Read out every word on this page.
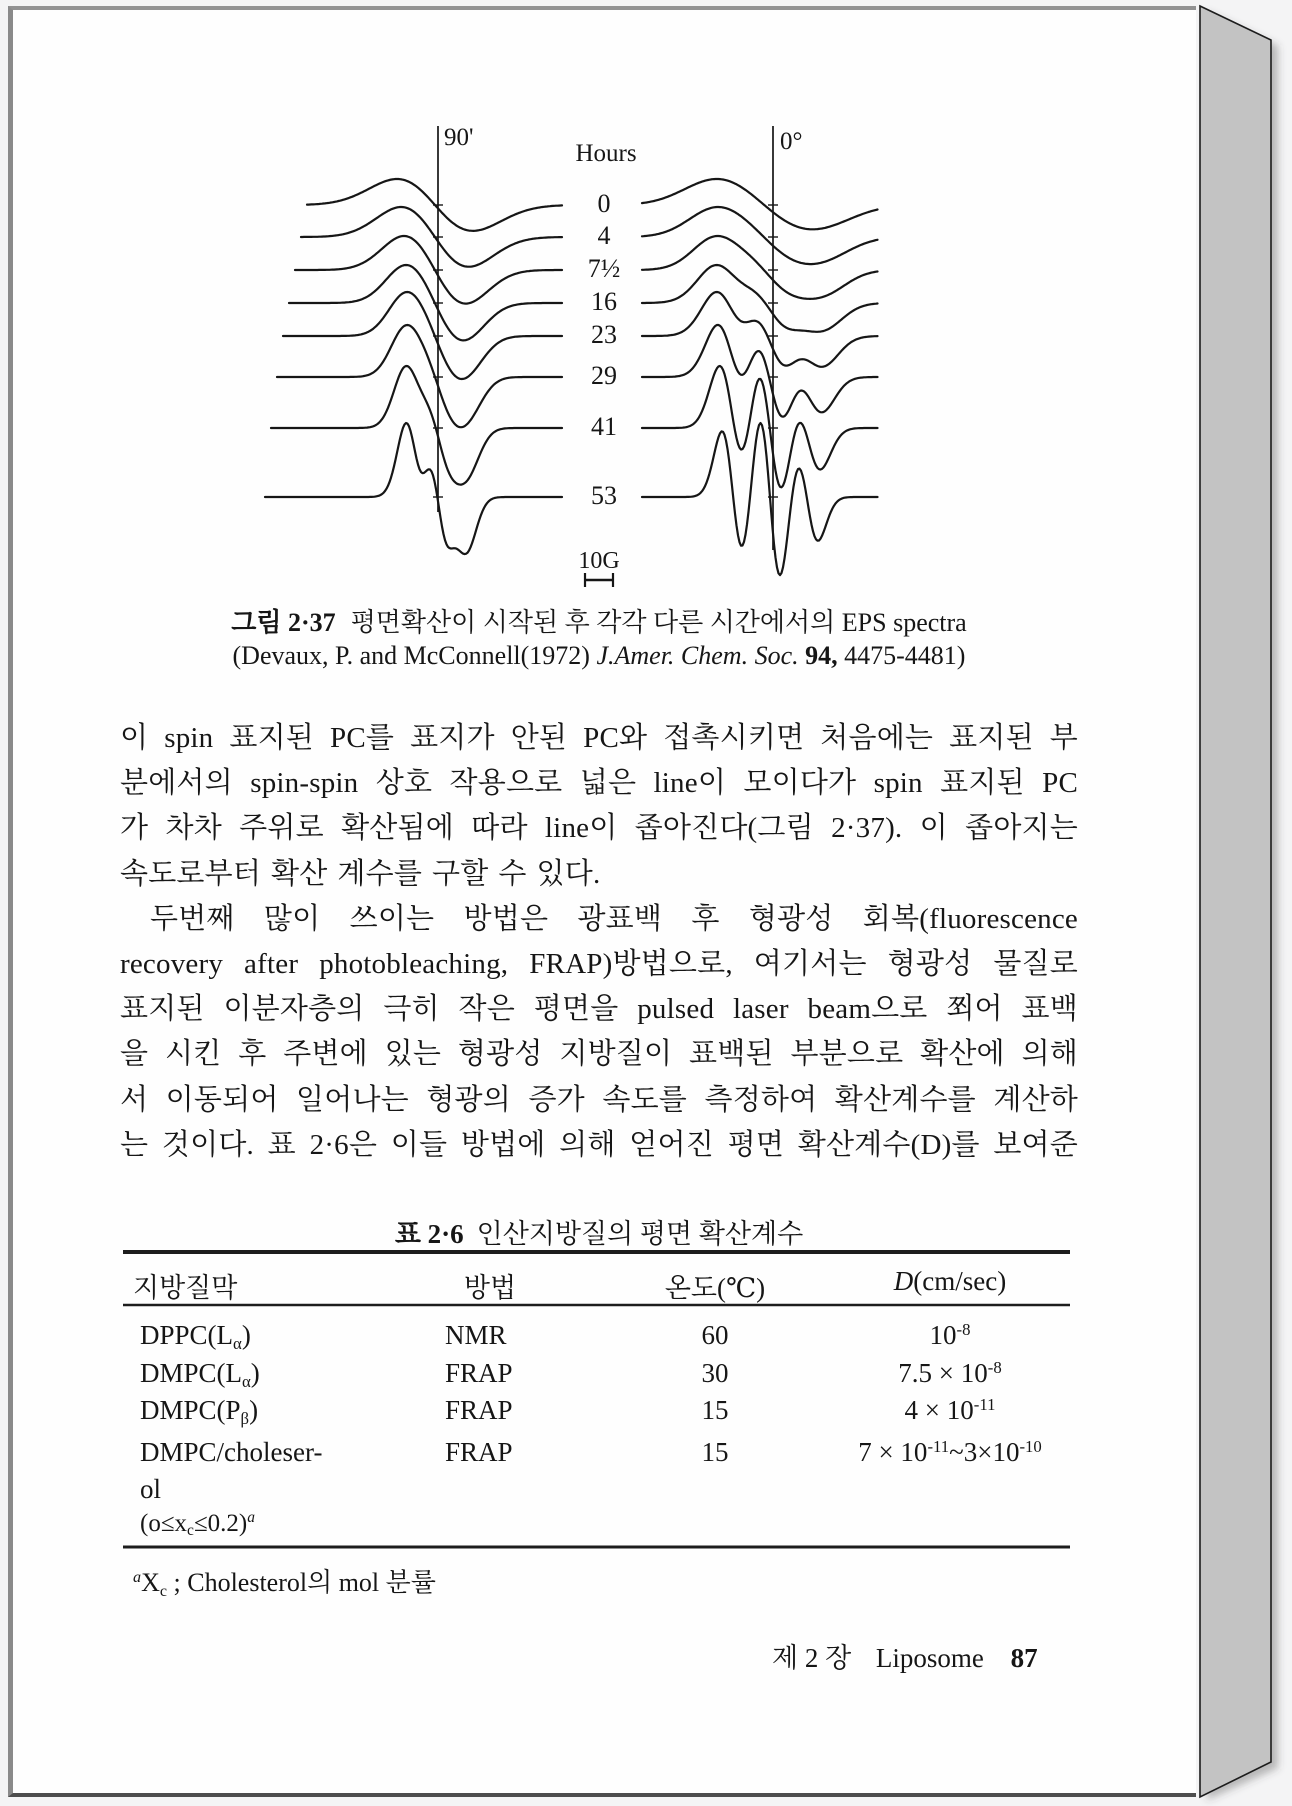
90'	0°
Hours
0
4
7½
16
23
29
41
53
10G
그림 2·37 평면확산이 시작된 후 각각 다른 시간에서의 EPS spectra
(Devaux, P. and McConnell(1972) J.Amer. Chem. Soc. 94, 4475-4481)
이 spin 표지된 PC를 표지가 안된 PC와 접촉시키면 처음에는 표지된 부
분에서의 spin-spin 상호 작용으로 넓은 line이 모이다가 spin 표지된 PC
가 차차 주위로 확산됨에 따라 line이 좁아진다(그림 2·37). 이 좁아지는
속도로부터 확산 계수를 구할 수 있다.
두번째 많이 쓰이는 방법은 광표백 후 형광성 회복(fluorescence
recovery after photobleaching, FRAP)방법으로, 여기서는 형광성 물질로
표지된 이분자층의 극히 작은 평면을 pulsed laser beam으로 쬐어 표백
을 시킨 후 주변에 있는 형광성 지방질이 표백된 부분으로 확산에 의해
서 이동되어 일어나는 형광의 증가 속도를 측정하여 확산계수를 계산하
는 것이다. 표 2·6은 이들 방법에 의해 얻어진 평면 확산계수(D)를 보여준
표 2·6 인산지방질의 평면 확산계수
지방질막	방법	온도(℃)	D(cm/sec)
DPPC(Lα)	NMR	60	$10^{-8}$
DMPC(Lα)	FRAP	30	$7.5 \times 10^{-8}$
DMPC(Pβ)	FRAP	15	$4 \times 10^{-11}$
DMPC/choleser-	FRAP	15	$7 \times 10^{-11}\sim 3\times 10^{-10}$
ol
(o≤xc≤0.2)$^a$
$^a$Xc ; Cholesterol의 mol 분률
제 2 장 Liposome 87
